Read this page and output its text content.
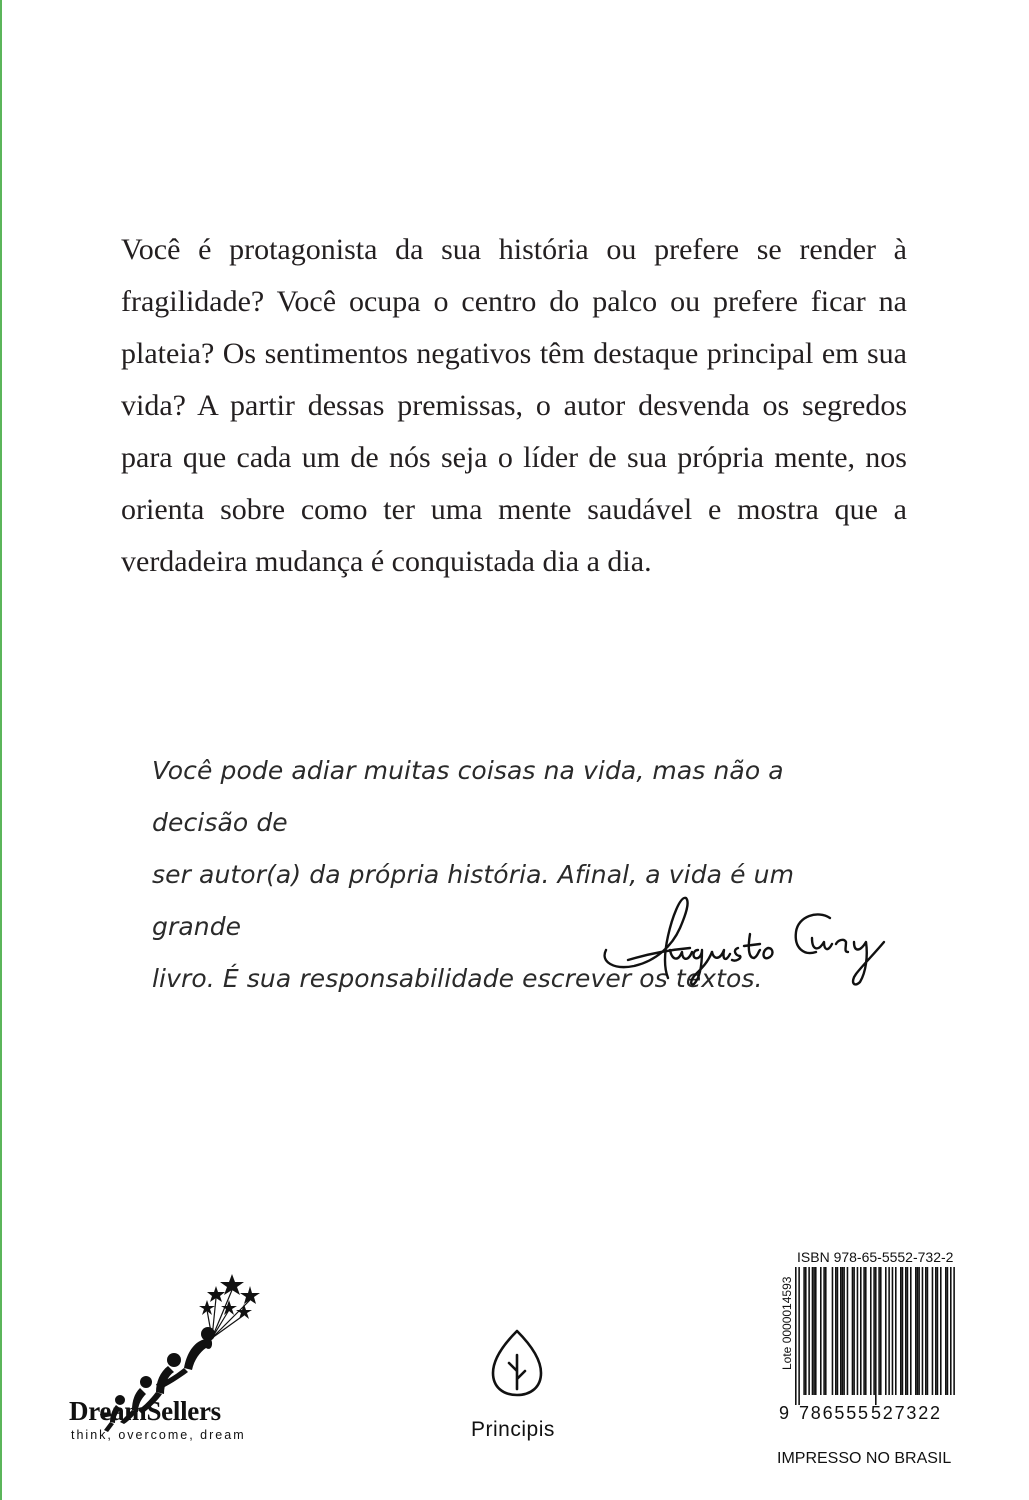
Você é protagonista da sua história ou prefere se render à fragilidade? Você ocupa o centro do palco ou prefere ficar na plateia? Os sentimentos negativos têm destaque principal em sua vida? A partir dessas premissas, o autor desvenda os segredos para que cada um de nós seja o líder de sua própria mente, nos orienta sobre como ter uma mente saudável e mostra que a verdadeira mudança é conquistada dia a dia.

Você pode adiar muitas coisas na vida, mas não a decisão de
ser autor(a) da própria história. Afinal, a vida é um grande
livro. É sua responsabilidade escrever os textos.

DreamSellers
think, overcome, dream	Principis
ISBN 978-65-5552-732-2
Lote 0000014593
9 786555 527322
IMPRESSO NO BRASIL
